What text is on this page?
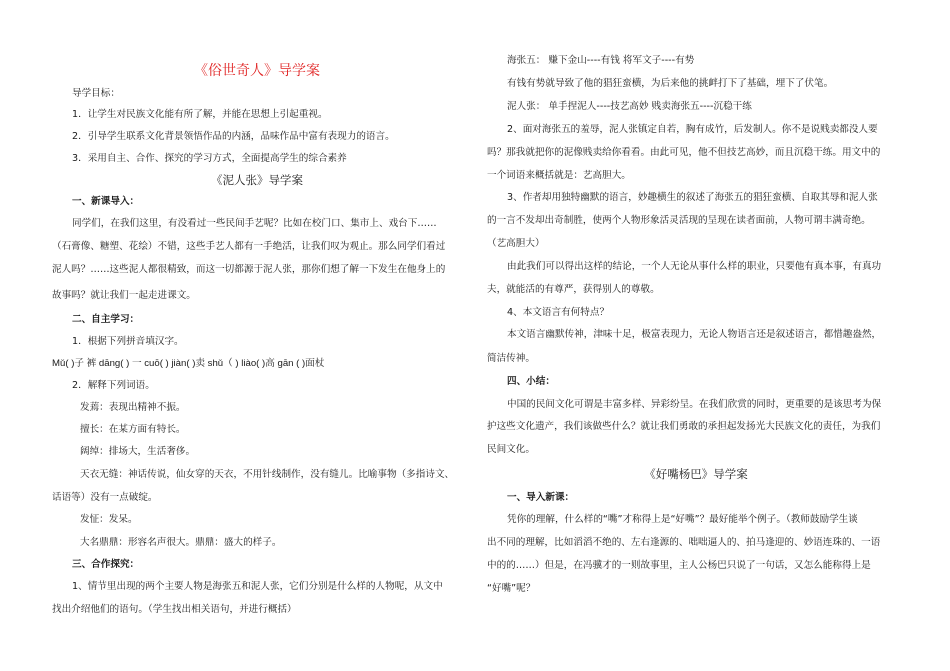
《俗世奇人》导学案

导学目标：

1．让学生对民族文化能有所了解，并能在思想上引起重视。

2．引导学生联系文化背景领悟作品的内涵，品味作品中富有表现力的语言。

3．采用自主、合作、探究的学习方式，全面提高学生的综合素养

《泥人张》导学案

一、新课导入：

同学们，在我们这里，有没看过一些民间手艺呢？比如在校门口、集市上、戏台下……

（石膏像、糖塑、花绘）不错，这些手艺人都有一手绝活，让我们叹为观止。那么同学们看过

泥人吗？……这些泥人都很精致，而这一切都源于泥人张，那你们想了解一下发生在他身上的

故事吗？就让我们一起走进课文。

二、自主学习：

1．根据下列拼音填汉字。

Mǔ( )子 裤 dāng( ) 一 cuō( ) jiàn( )卖 shǔ（ ) liào( )高 gān ( )面杖

2．解释下列词语。

发蔫：表现出精神不振。

擅长：在某方面有特长。

阔绰：排场大，生活奢侈。

天衣无缝：神话传说，仙女穿的天衣，不用针线制作，没有缝儿。比喻事物（多指诗文、

话语等）没有一点破绽。

发怔：发呆。

大名鼎鼎：形容名声很大。鼎鼎：盛大的样子。

三、合作探究：

1、情节里出现的两个主要人物是海张五和泥人张，它们分别是什么样的人物呢，从文中

找出介绍他们的语句。（学生找出相关语句，并进行概括）

海张五： 赚下金山----有钱 将军文子----有势

有钱有势就导致了他的猖狂蛮横，为后来他的挑衅打下了基础，埋下了伏笔。

泥人张： 单手捏泥人----技艺高妙 贱卖海张五----沉稳干练

2、面对海张五的羞辱，泥人张镇定自若，胸有成竹，后发制人。你不是说贱卖都没人要

吗？那我就把你的泥像贱卖给你看看。由此可见，他不但技艺高妙，而且沉稳干练。用文中的

一个词语来概括就是：艺高胆大。

3、作者却用独特幽默的语言，妙趣横生的叙述了海张五的猖狂蛮横、自取其辱和泥人张

的一言不发却出奇制胜，使两个人物形象活灵活现的呈现在读者面前，人物可谓丰满奇绝。

（艺高胆大）

由此我们可以得出这样的结论，一个人无论从事什么样的职业，只要他有真本事，有真功

夫，就能活的有尊严，获得别人的尊敬。

4、本文语言有何特点？

本文语言幽默传神，津味十足，极富表现力，无论人物语言还是叙述语言，都惜趣盎然，

简洁传神。

四、小结：

中国的民间文化可谓是丰富多样、异彩纷呈。在我们欣赏的同时，更重要的是该思考为保

护这些文化遗产，我们该做些什么？就让我们勇敢的承担起发扬光大民族文化的责任，为我们

民间文化。

《好嘴杨巴》导学案

一、导入新课：

凭你的理解，什么样的“嘴”才称得上是“好嘴”？最好能举个例子。（教师鼓励学生谈

出不同的理解，比如滔滔不绝的、左右逢源的、咄咄逼人的、拍马逢迎的、妙语连珠的、一语

中的的……）但是，在冯骥才的一则故事里，主人公杨巴只说了一句话，又怎么能称得上是

“好嘴”呢？
